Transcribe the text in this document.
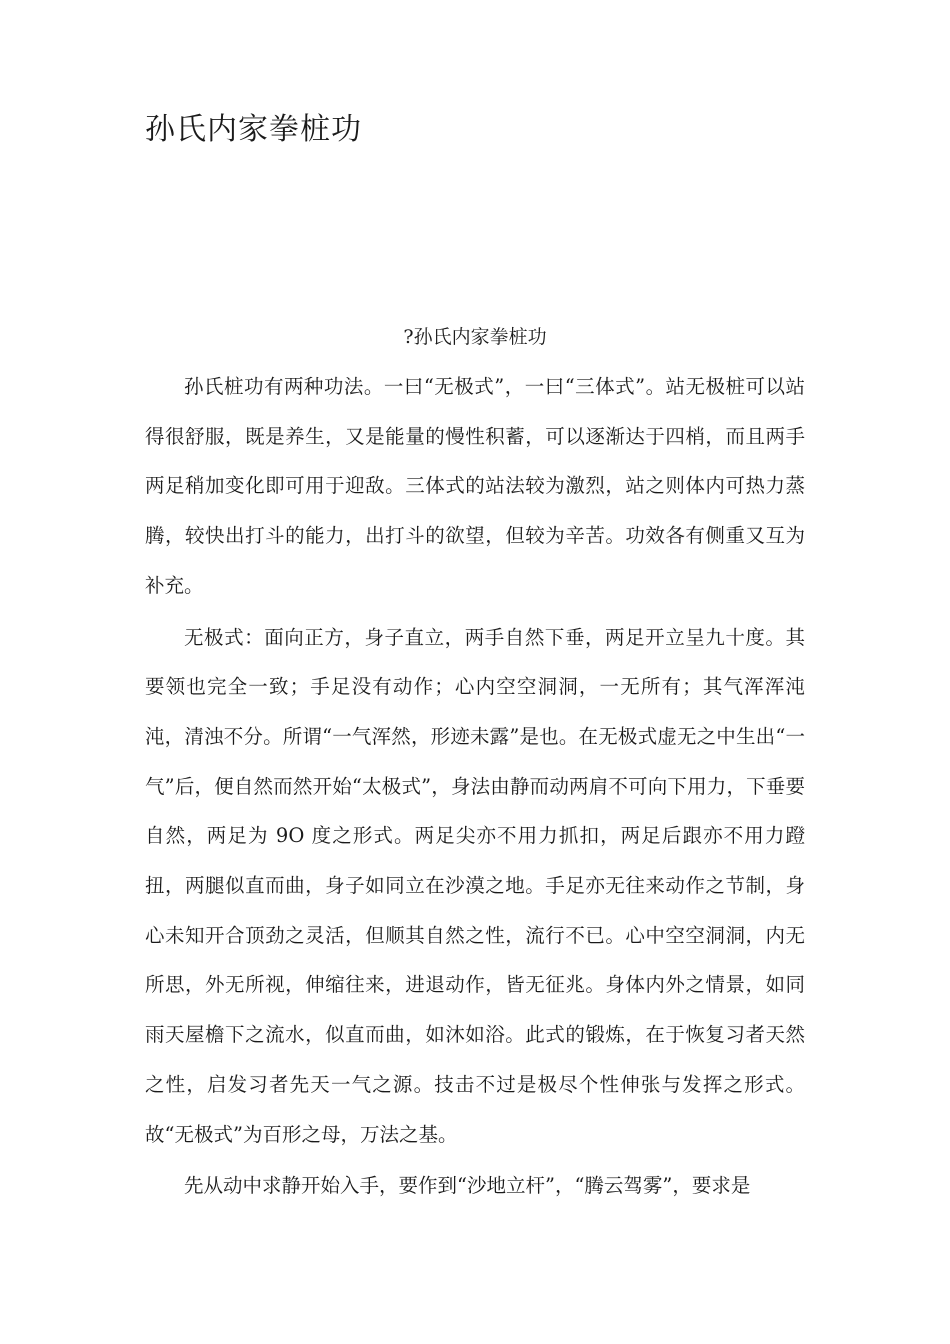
孙氏内家拳桩功
?孙氏内家拳桩功

孙氏桩功有两种功法。一曰“无极式”，一曰“三体式”。站无极桩可以站得很舒服，既是养生，又是能量的慢性积蓄，可以逐渐达于四梢，而且两手两足稍加变化即可用于迎敌。三体式的站法较为激烈，站之则体内可热力蒸腾，较快出打斗的能力，出打斗的欲望，但较为辛苦。功效各有侧重又互为补充。

无极式：面向正方，身子直立，两手自然下垂，两足开立呈九十度。其要领也完全一致；手足没有动作；心内空空洞洞，一无所有；其气浑浑沌沌，清浊不分。所谓“一气浑然，形迹未露”是也。在无极式虚无之中生出“一气”后，便自然而然开始“太极式”，身法由静而动两肩不可向下用力，下垂要自然，两足为 9O 度之形式。两足尖亦不用力抓扣，两足后跟亦不用力蹬扭，两腿似直而曲，身子如同立在沙漠之地。手足亦无往来动作之节制，身心未知开合顶劲之灵活，但顺其自然之性，流行不已。心中空空洞洞，内无所思，外无所视，伸缩往来，进退动作，皆无征兆。身体内外之情景，如同雨天屋檐下之流水，似直而曲，如沐如浴。此式的锻炼，在于恢复习者天然之性，启发习者先天一气之源。技击不过是极尽个性伸张与发挥之形式。故“无极式”为百形之母，万法之基。

先从动中求静开始入手，要作到“沙地立杆”，“腾云驾雾”，要求是
